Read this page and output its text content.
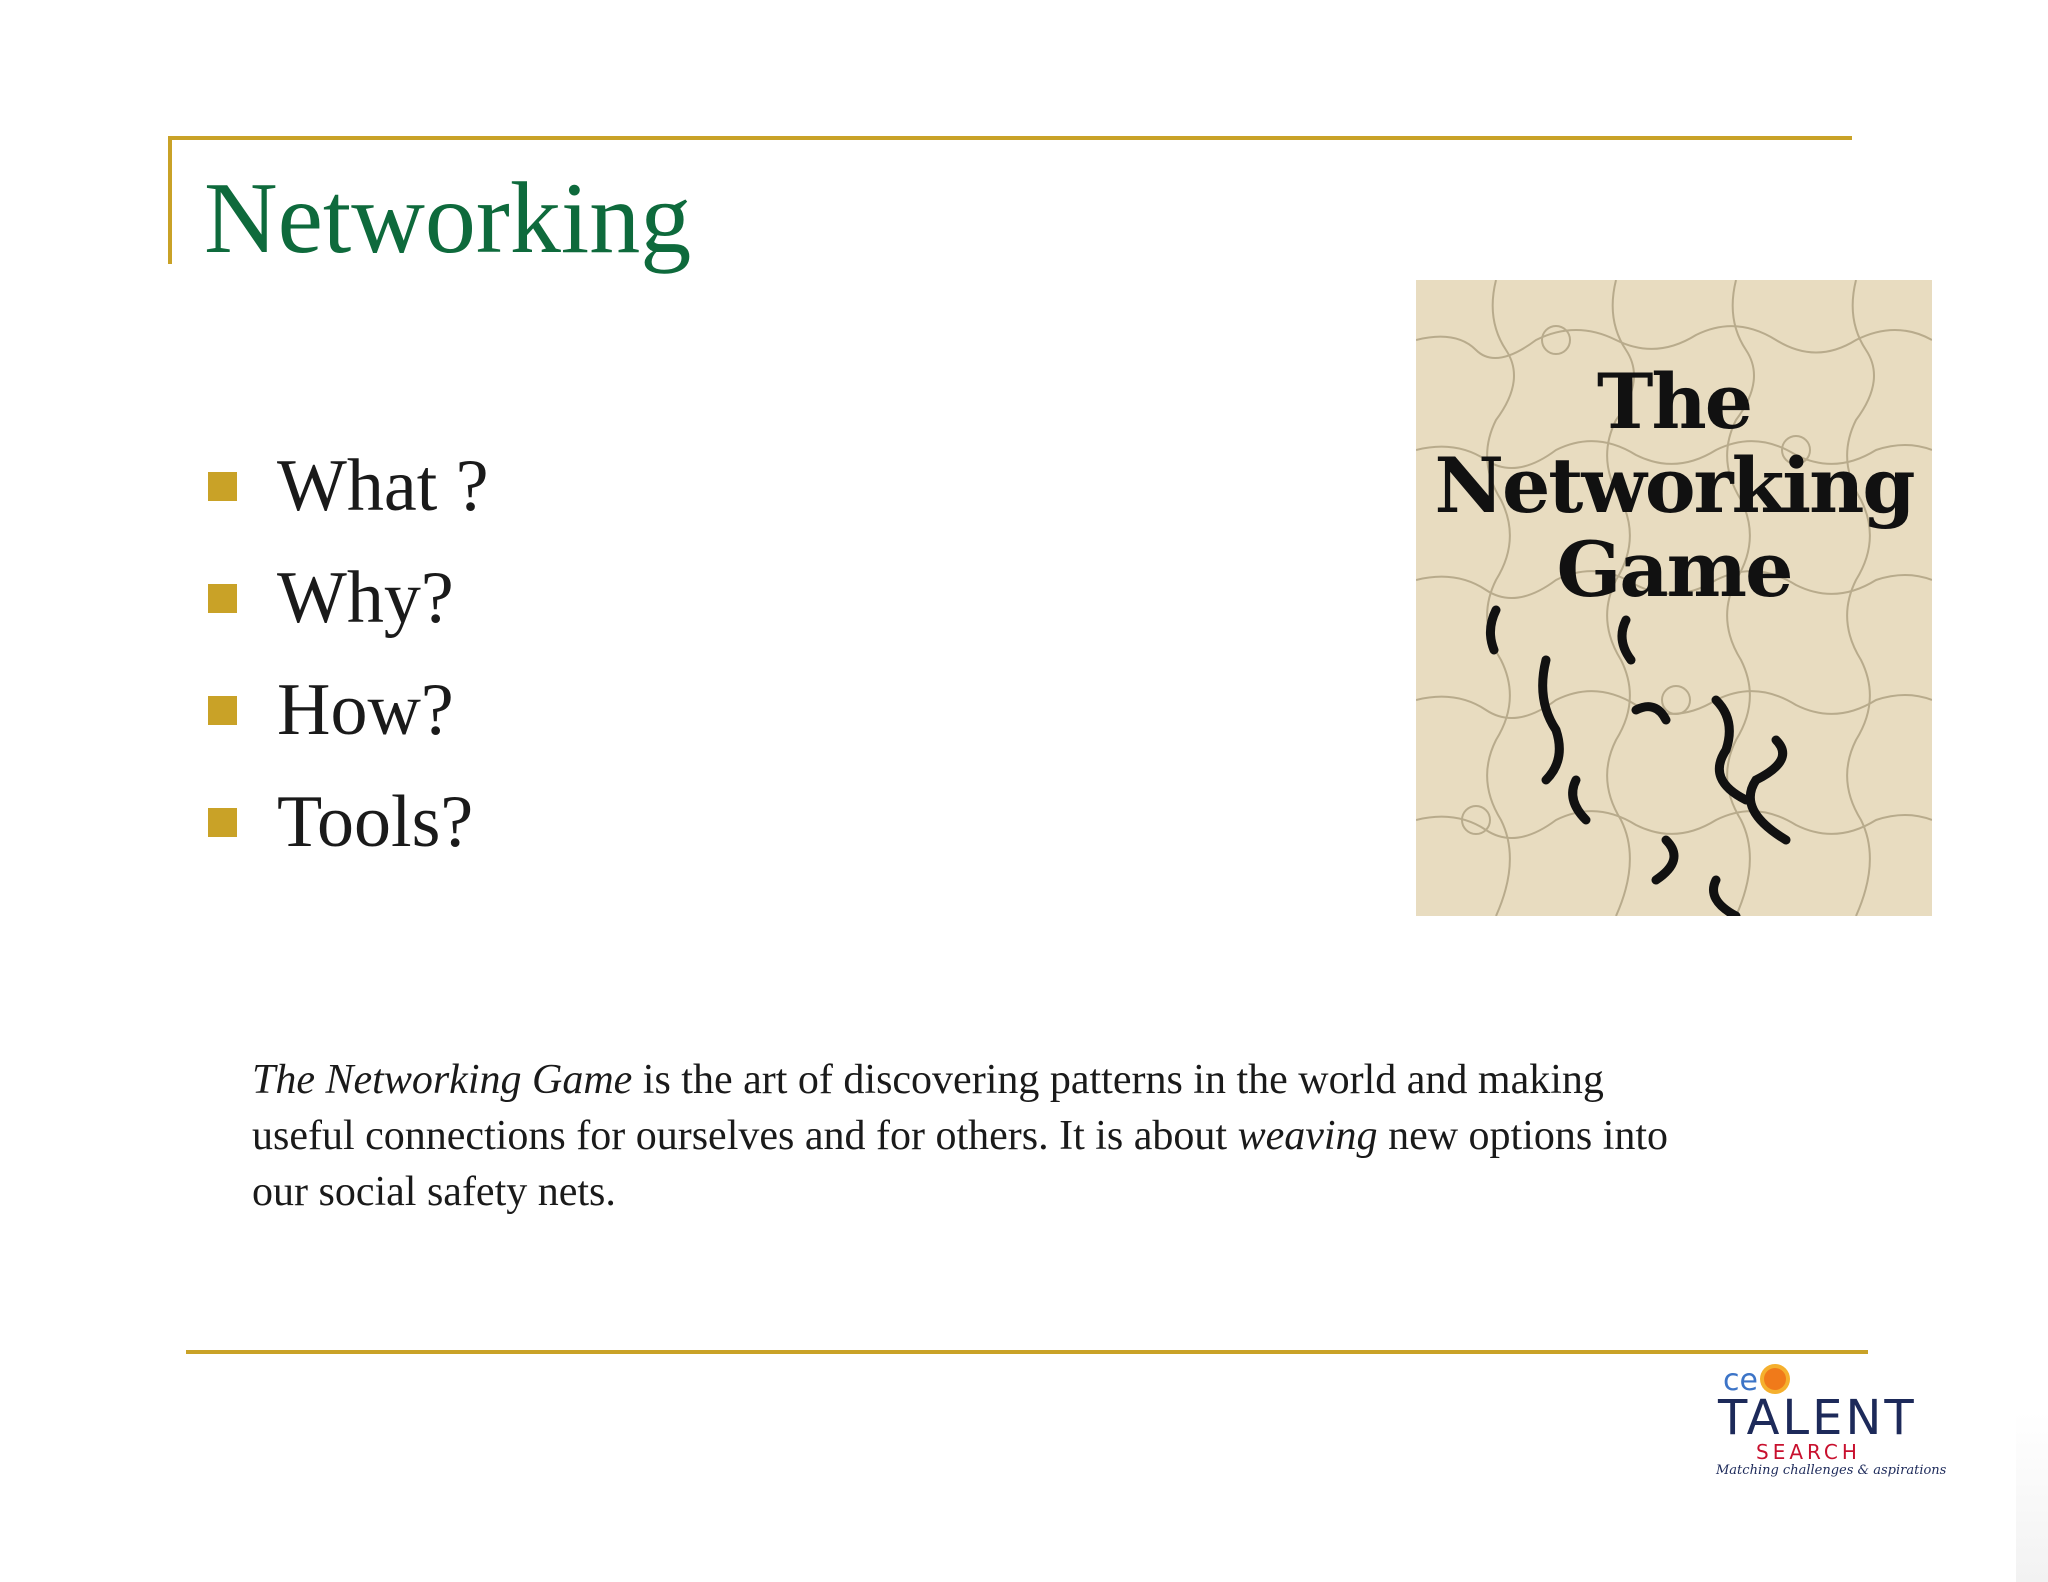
Networking
What ?
Why?
How?
Tools?
The
Networking
Game

The Networking Game is the art of discovering patterns in the world and making useful connections for ourselves and for others. It is about weaving new options into our social safety nets.

ce
TALENT
SEARCH
Matching challenges & aspirations
